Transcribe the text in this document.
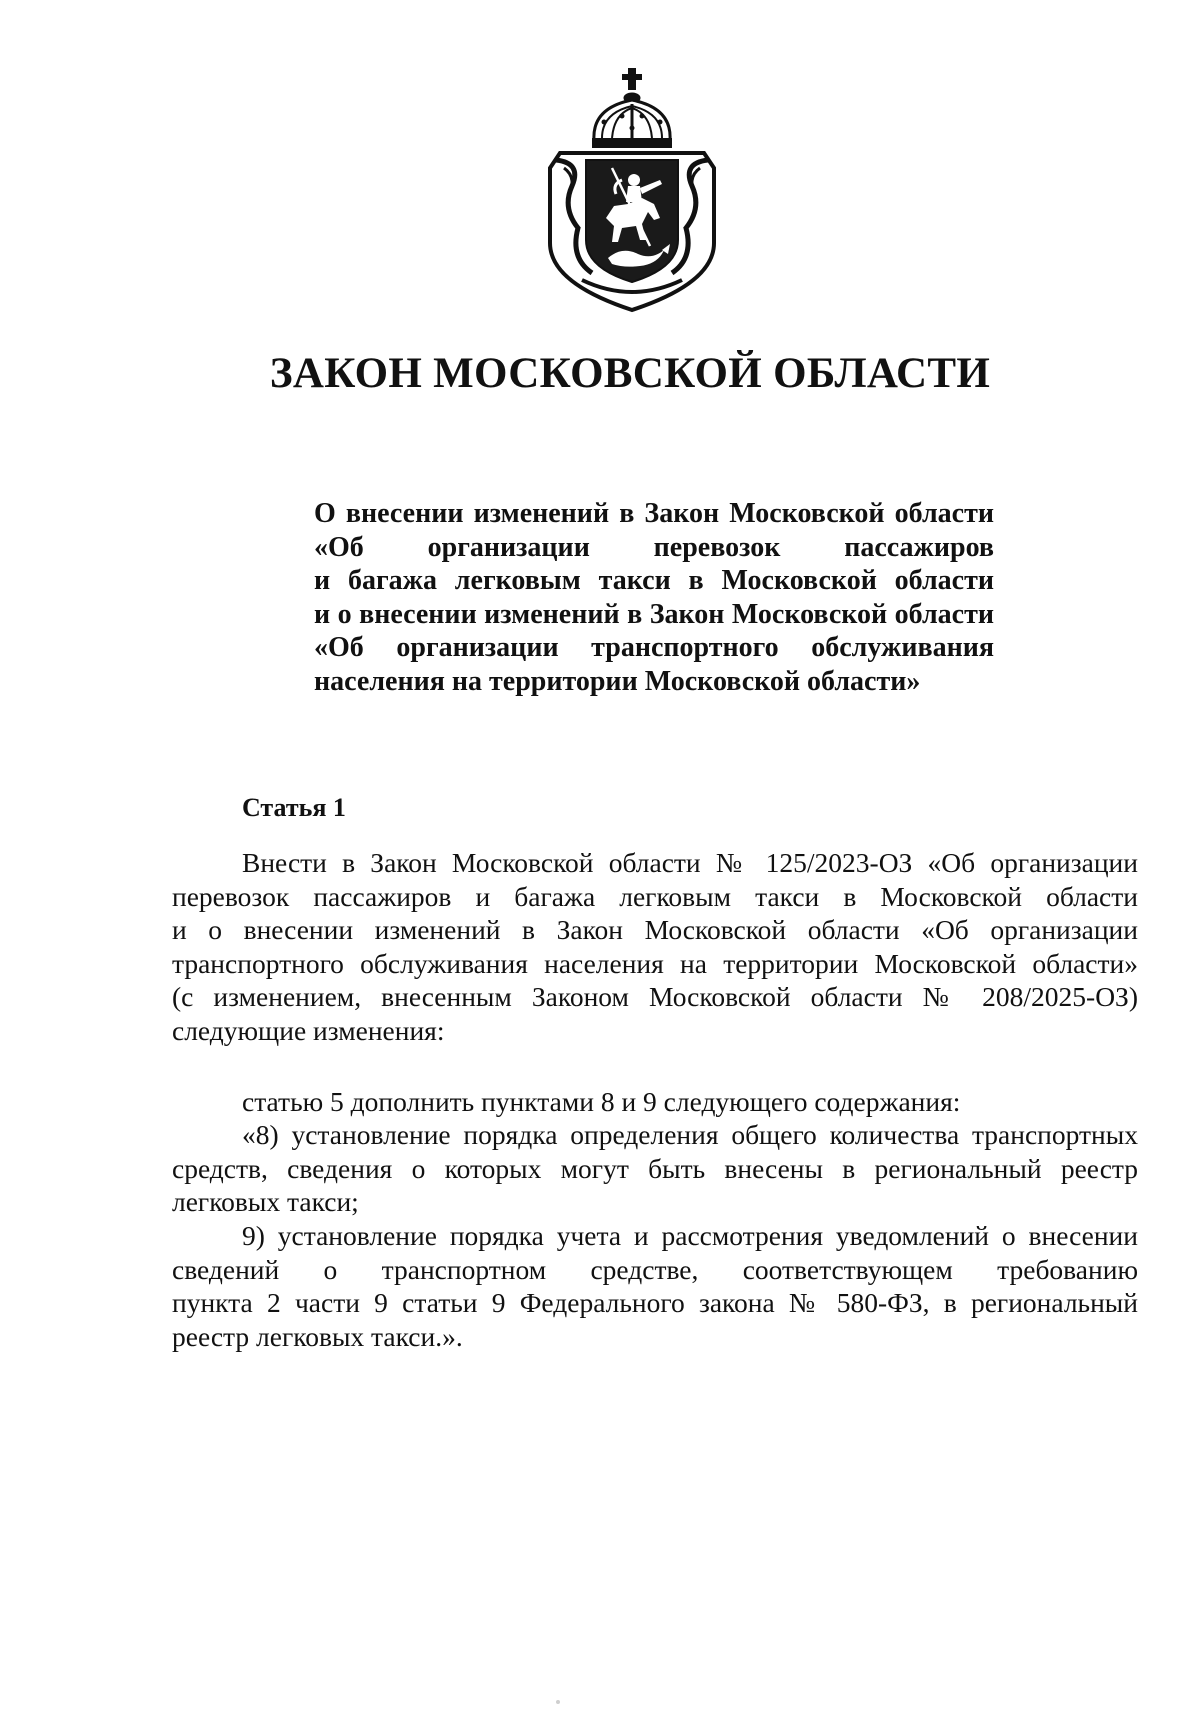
ЗАКОН МОСКОВСКОЙ ОБЛАСТИ
О внесении изменений в Закон Московской области
«Об организации перевозок пассажиров
и багажа легковым такси в Московской области
и о внесении изменений в Закон Московской области
«Об организации транспортного обслуживания
населения на территории Московской области»
Статья 1
Внести в Закон Московской области № 125/2023-ОЗ «Об организации
перевозок пассажиров и багажа легковым такси в Московской области
и о внесении изменений в Закон Московской области «Об организации
транспортного обслуживания населения на территории Московской области»
(с изменением, внесенным Законом Московской области № 208/2025-ОЗ)
следующие изменения:
статью 5 дополнить пунктами 8 и 9 следующего содержания:
«8) установление порядка определения общего количества транспортных
средств, сведения о которых могут быть внесены в региональный реестр
легковых такси;
9) установление порядка учета и рассмотрения уведомлений о внесении
сведений о транспортном средстве, соответствующем требованию
пункта 2 части 9 статьи 9 Федерального закона № 580-ФЗ, в региональный
реестр легковых такси.».
